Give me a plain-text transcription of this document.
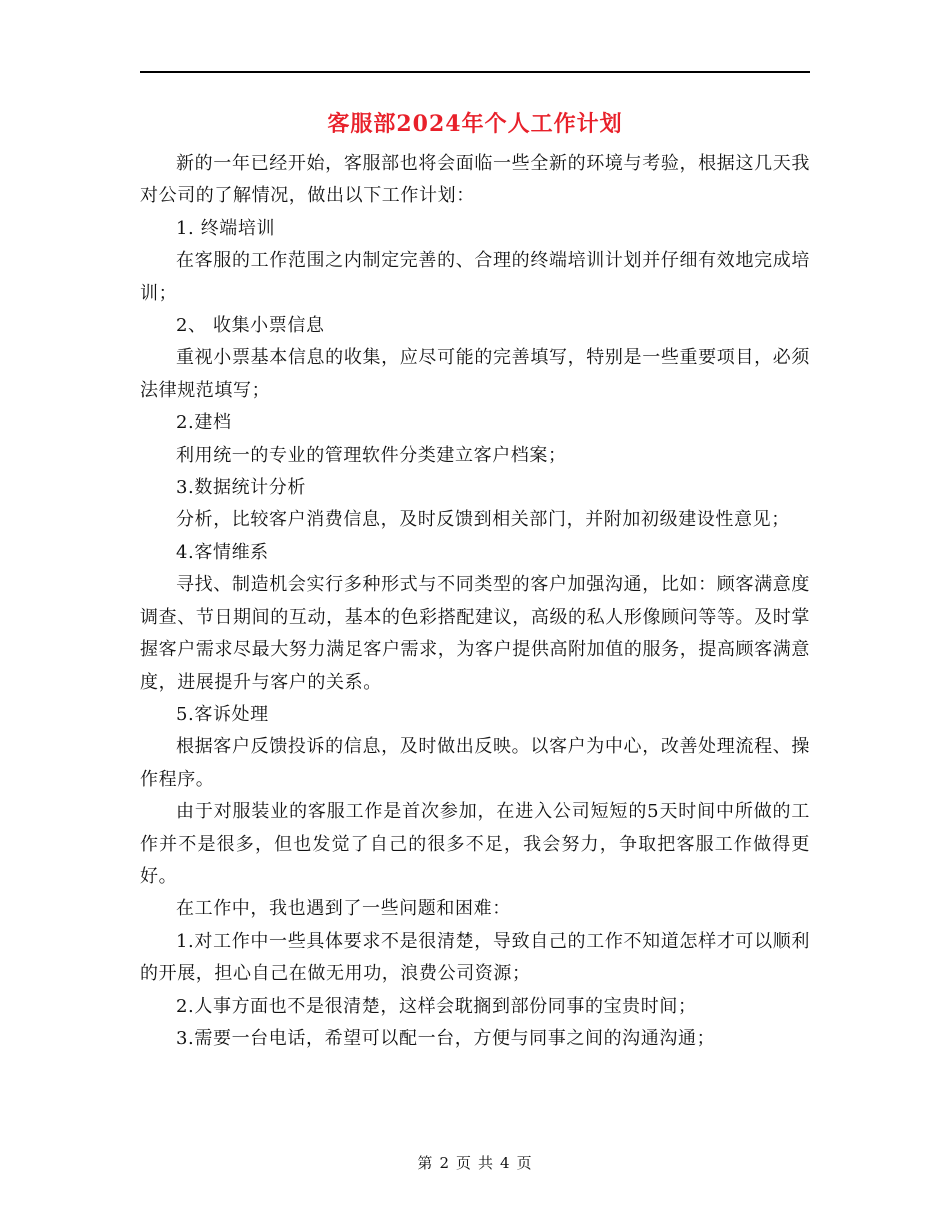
客服部2024年个人工作计划

新的一年已经开始，客服部也将会面临一些全新的环境与考验，根据这几天我对公司的了解情况，做出以下工作计划：

1. 终端培训

在客服的工作范围之内制定完善的、合理的终端培训计划并仔细有效地完成培训；

2、 收集小票信息

重视小票基本信息的收集，应尽可能的完善填写，特别是一些重要项目，必须法律规范填写；

2.建档

利用统一的专业的管理软件分类建立客户档案；

3.数据统计分析

分析，比较客户消费信息，及时反馈到相关部门，并附加初级建设性意见；

4.客情维系

寻找、制造机会实行多种形式与不同类型的客户加强沟通，比如：顾客满意度调查、节日期间的互动，基本的色彩搭配建议，高级的私人形像顾问等等。及时掌握客户需求尽最大努力满足客户需求，为客户提供高附加值的服务，提高顾客满意度，进展提升与客户的关系。

5.客诉处理

根据客户反馈投诉的信息，及时做出反映。以客户为中心，改善处理流程、操作程序。

由于对服装业的客服工作是首次参加，在进入公司短短的5天时间中所做的工作并不是很多，但也发觉了自己的很多不足，我会努力，争取把客服工作做得更好。

在工作中，我也遇到了一些问题和困难：

1.对工作中一些具体要求不是很清楚，导致自己的工作不知道怎样才可以顺利的开展，担心自己在做无用功，浪费公司资源；

2.人事方面也不是很清楚，这样会耽搁到部份同事的宝贵时间；

3.需要一台电话，希望可以配一台，方便与同事之间的沟通沟通；

第 2 页 共 4 页
